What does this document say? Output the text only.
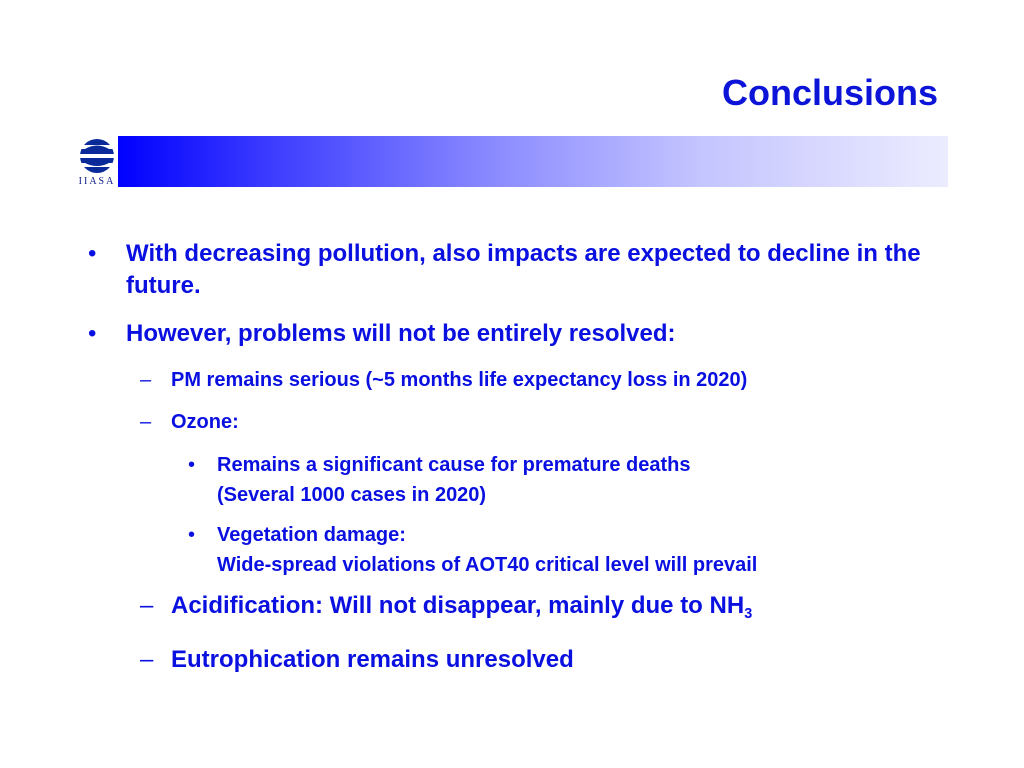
Conclusions
IIASA
• With decreasing pollution, also impacts are expected to decline in the future.
• However, problems will not be entirely resolved:
– PM remains serious (~5 months life expectancy loss in 2020)
– Ozone:
• Remains a significant cause for premature deaths
(Several 1000 cases in 2020)
• Vegetation damage:
Wide-spread violations of AOT40 critical level will prevail
– Acidification: Will not disappear, mainly due to $NH_3$
– Eutrophication remains unresolved
